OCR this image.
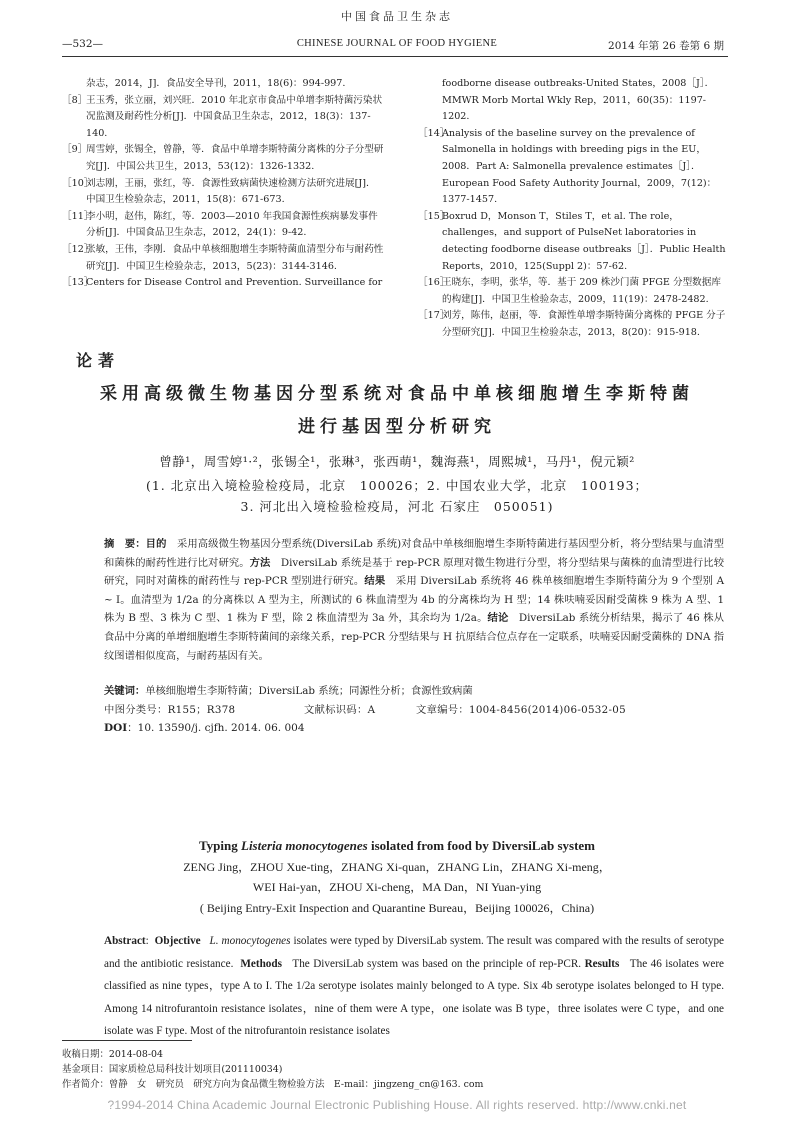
中国食品卫生杂志
—532—	CHINESE JOURNAL OF FOOD HYGIENE	2014 年第 26 卷第 6 期
杂志，2014，J]．食品安全导刊，2011，18(6)：994-997.
［8］
王玉秀，张立丽，刘兴旺．2010 年北京市食品中单增李斯特菌污染状况监测及耐药性分析[J]．中国食品卫生杂志，2012，18(3)：137-140.
［9］
周雪婷，张锡全，曾静，等．食品中单增李斯特菌分离株的分子分型研究[J]．中国公共卫生，2013，53(12)：1326-1332.
［10］
刘志刚，王丽，张红，等．食源性致病菌快速检测方法研究进展[J]．中国卫生检验杂志，2011，15(8)：671-673.
［11］
李小明，赵伟，陈红，等．2003—2010 年我国食源性疾病暴发事件分析[J]．中国食品卫生杂志，2012，24(1)：9-42.
［12］
张敏，王伟，李刚．食品中单核细胞增生李斯特菌血清型分布与耐药性研究[J]．中国卫生检验杂志，2013，5(23)：3144-3146.
［13］
Centers for Disease Control and Prevention. Surveillance for
foodborne disease outbreaks-United States，2008［J］．MMWR Morb Mortal Wkly Rep，2011，60(35)：1197-1202.
［14］
Analysis of the baseline survey on the prevalence of Salmonella in holdings with breeding pigs in the EU，2008．Part A: Salmonella prevalence estimates［J］．European Food Safety Authority Journal，2009，7(12)：1377-1457.
［15］
Boxrud D，Monson T，Stiles T，et al. The role，challenges，and support of PulseNet laboratories in detecting foodborne disease outbreaks［J］．Public Health Reports，2010，125(Suppl 2)：57-62.
［16］
王晓东，李明，张华，等．基于 209 株沙门菌 PFGE 分型数据库的构建[J]．中国卫生检验杂志，2009，11(19)：2478-2482.
［17］
刘芳，陈伟，赵丽，等．食源性单增李斯特菌分离株的 PFGE 分子分型研究[J]．中国卫生检验杂志，2013，8(20)：915-918.
论著
采用高级微生物基因分型系统对食品中单核细胞增生李斯特菌
进行基因型分析研究
曾静¹，周雪婷¹·²，张锡全¹，张琳³，张西萌¹，魏海燕¹，周熙城¹，马丹¹，倪元颖²
(1. 北京出入境检验检疫局，北京　100026；2. 中国农业大学，北京　100193；
3. 河北出入境检验检疫局，河北 石家庄　050051)
摘　要：目的　 采用高级微生物基因分型系统(DiversiLab 系统)对食品中单核细胞增生李斯特菌进行基因型分析，将分型结果与血清型和菌株的耐药性进行比对研究。方法　 DiversiLab 系统是基于 rep-PCR 原理对微生物进行分型，将分型结果与菌株的血清型进行比较研究，同时对菌株的耐药性与 rep-PCR 型别进行研究。结果　 采用 DiversiLab 系统将 46 株单核细胞增生李斯特菌分为 9 个型别 A ~ I。血清型为 1/2a 的分离株以 A 型为主，所测试的 6 株血清型为 4b 的分离株均为 H 型；14 株呋喃妥因耐受菌株 9 株为 A 型、1 株为 B 型、3 株为 C 型、1 株为 F 型，除 2 株血清型为 3a 外，其余均为 1/2a。结论　 DiversiLab 系统分析结果，揭示了 46 株从食品中分离的单增细胞增生李斯特菌间的亲缘关系，rep-PCR 分型结果与 H 抗原结合位点存在一定联系，呋喃妥因耐受菌株的 DNA 指纹图谱相似度高，与耐药基因有关。
关键词：单核细胞增生李斯特菌；DiversiLab 系统；同源性分析；食源性致病菌
中图分类号：R155；R378	文献标识码：A	文章编号：1004-8456(2014)06-0532-05
DOI：10. 13590/j. cjfh. 2014. 06. 004
Typing Listeria monocytogenes isolated from food by DiversiLab system
ZENG Jing，ZHOU Xue-ting，ZHANG Xi-quan，ZHANG Lin，ZHANG Xi-meng，
WEI Hai-yan，ZHOU Xi-cheng，MA Dan，NI Yuan-ying
( Beijing Entry-Exit Inspection and Quarantine Bureau，Beijing 100026，China)
Abstract:  Objective L. monocytogenes isolates were typed by DiversiLab system. The result was compared with the results of serotype and the antibiotic resistance. Methods The DiversiLab system was based on the principle of rep-PCR. Results The 46 isolates were classified as nine types，type A to I. The 1/2a serotype isolates mainly belonged to A type. Six 4b serotype isolates belonged to H type. Among 14 nitrofurantoin resistance isolates，nine of them were A type，one isolate was B type，three isolates were C type，and one isolate was F type. Most of the nitrofurantoin resistance isolates
收稿日期：2014-08-04
基金项目：国家质检总局科技计划项目(201110034)
作者简介：曾静　女　研究员　研究方向为食品微生物检验方法　E-mail：jingzeng_cn@163. com
?1994-2014 China Academic Journal Electronic Publishing House. All rights reserved. http://www.cnki.net
